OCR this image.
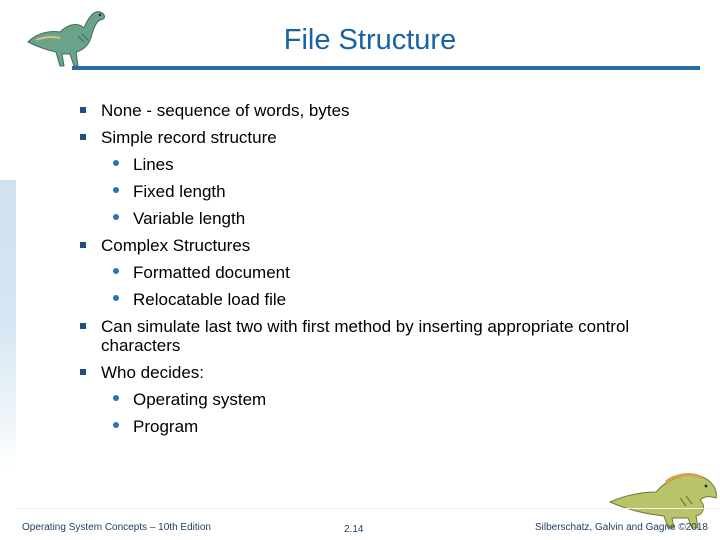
File Structure
None - sequence of words, bytes
Simple record structure
Lines
Fixed length
Variable length
Complex Structures
Formatted document
Relocatable load file
Can simulate last two with first method by inserting appropriate control
characters
Who decides:
Operating system
Program
Operating System Concepts – 10th Edition	2.14	Silberschatz, Galvin and Gagne ©2018
